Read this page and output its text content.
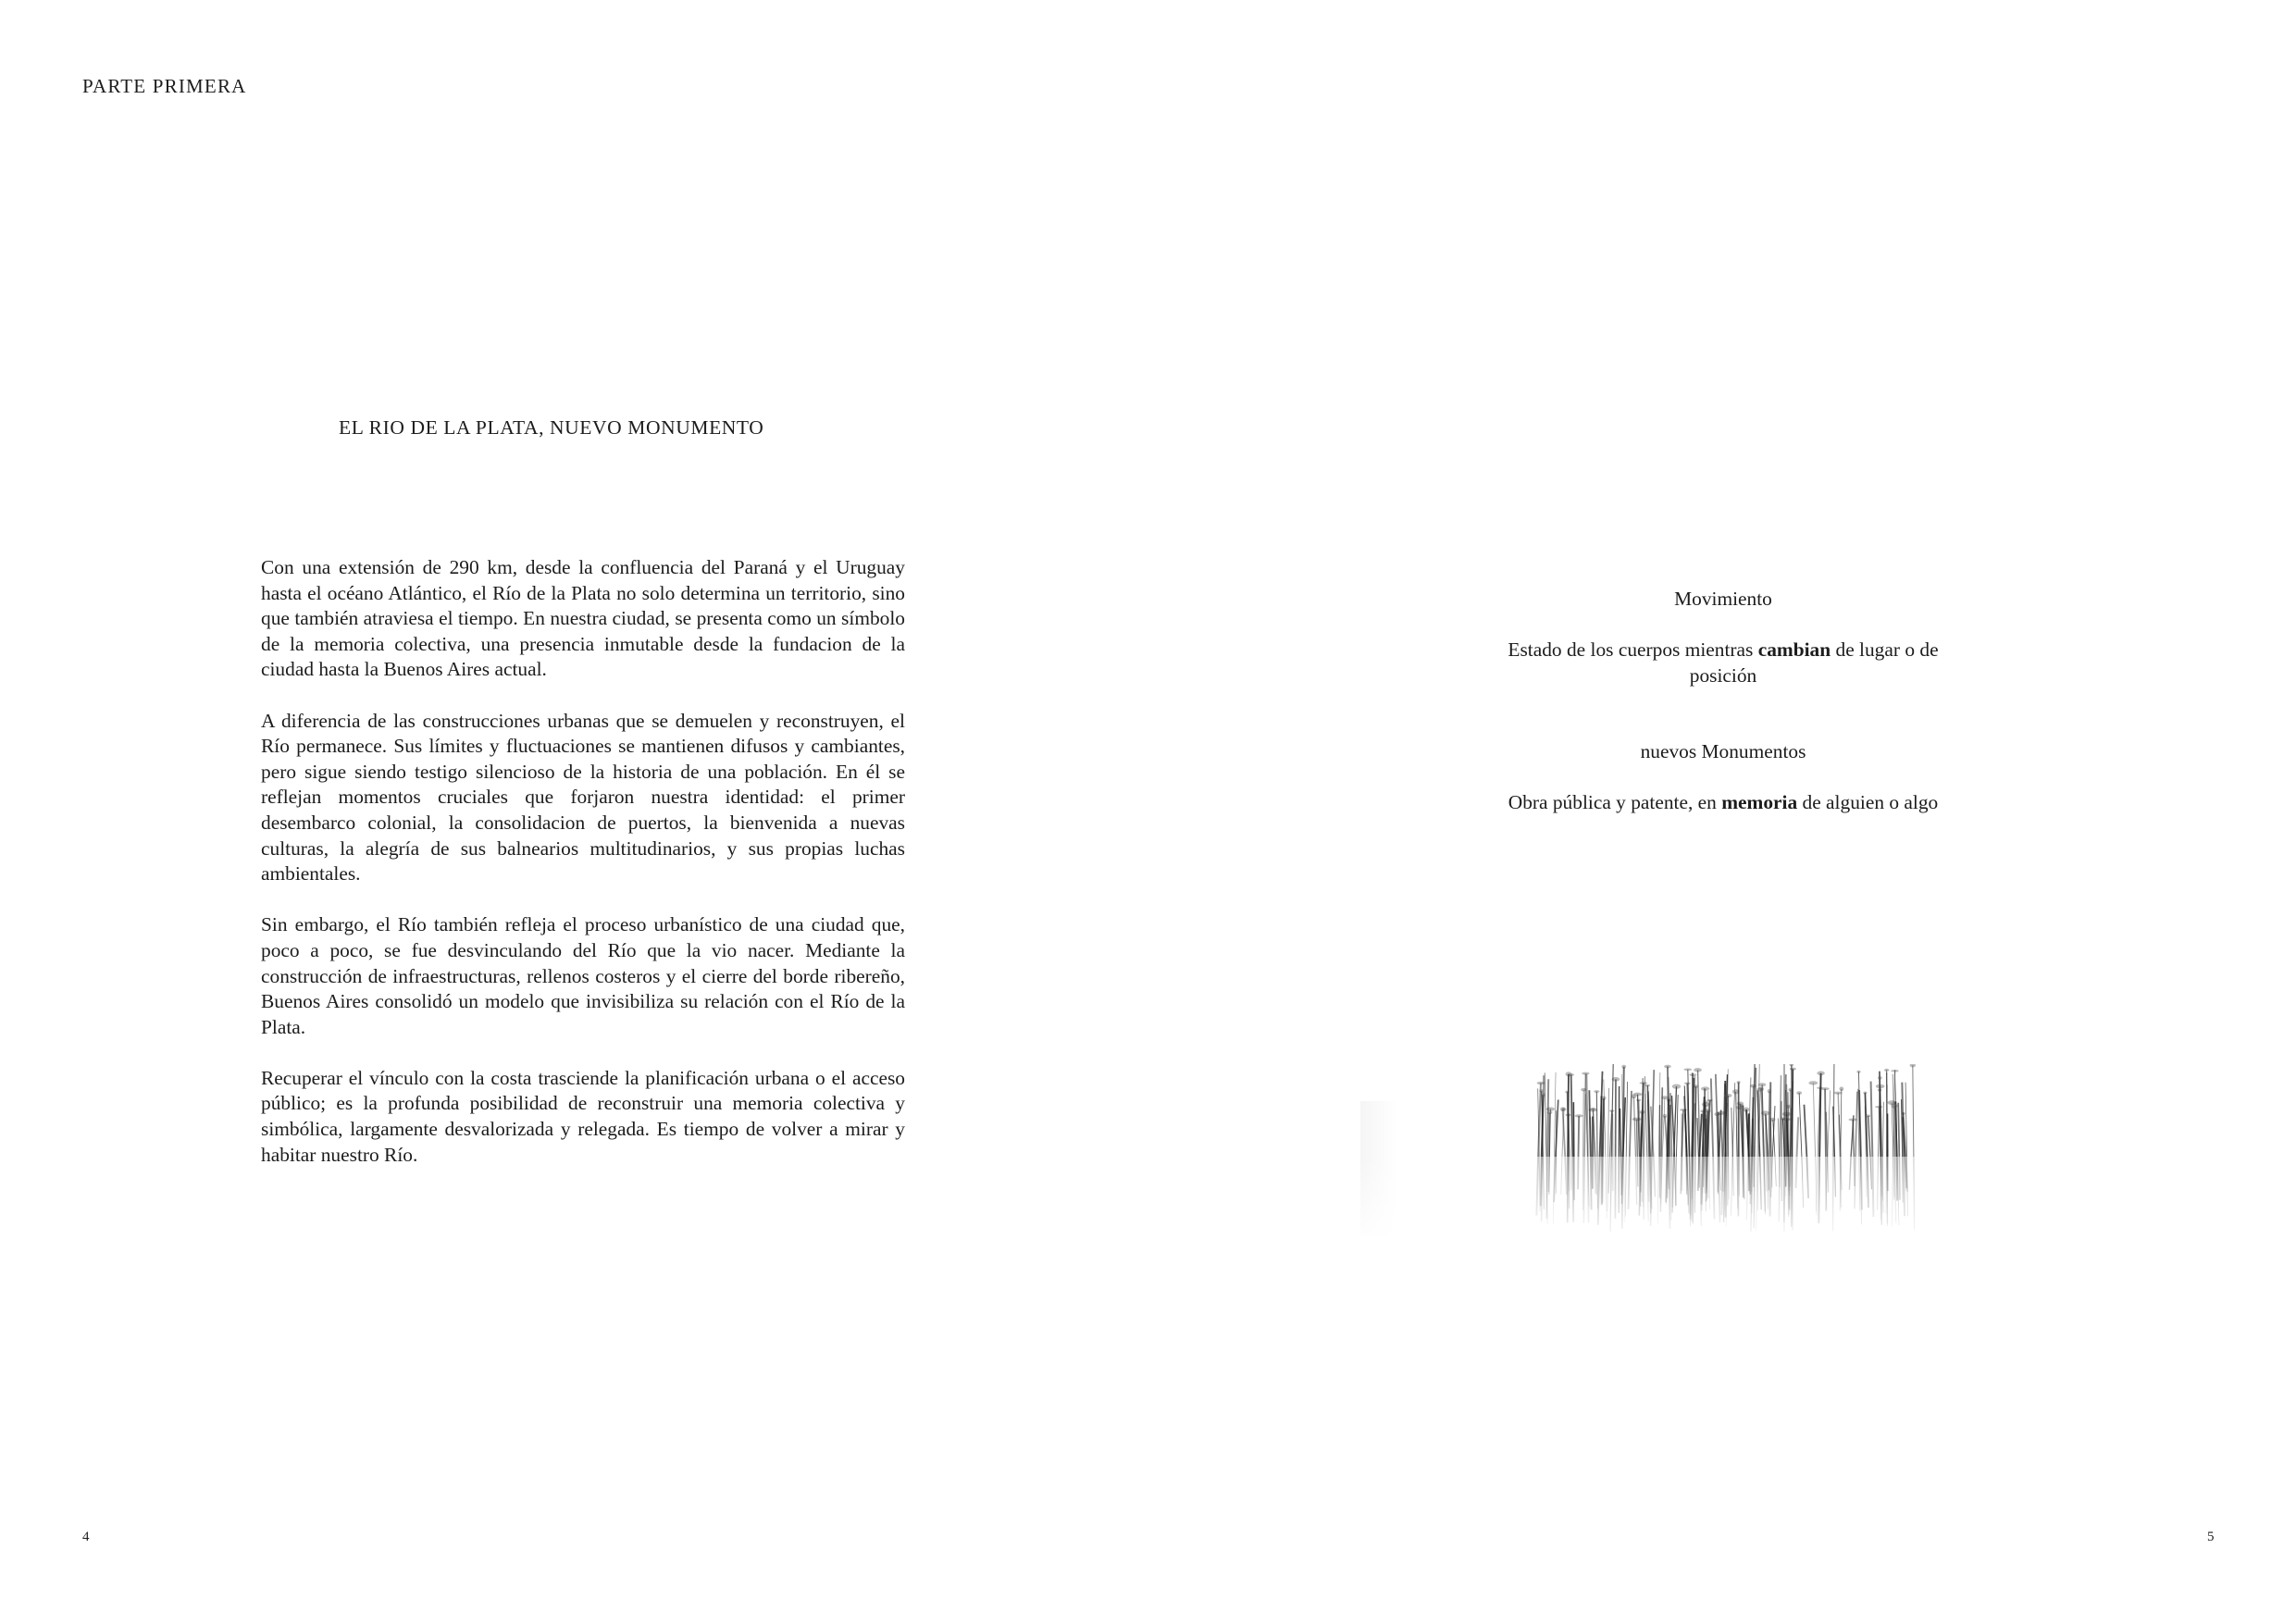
PARTE PRIMERA
EL RIO DE LA PLATA, NUEVO MONUMENTO

Con una extensión de 290 km, desde la confluencia del Paraná y el Uruguay hasta el océano Atlántico, el Río de la Plata no solo determina un territorio, sino que también atraviesa el tiempo. En nuestra ciudad, se presenta como un símbolo de la memoria colectiva, una presencia inmutable desde la fundacion de la ciudad hasta la Buenos Aires actual.

A diferencia de las construcciones urbanas que se demuelen y reconstruyen, el Río permanece. Sus límites y fluctuaciones se mantienen difusos y cambiantes, pero sigue siendo testigo silencioso de la historia de una población. En él se reflejan momentos cruciales que forjaron nuestra identidad: el primer desembarco colonial, la consolidacion de puertos, la bienvenida a nuevas culturas, la alegría de sus balnearios multitudinarios, y sus propias luchas ambientales.

Sin embargo, el Río también refleja el proceso urbanístico de una ciudad que, poco a poco, se fue desvinculando del Río que la vio nacer. Mediante la construcción de infraestructuras, rellenos costeros y el cierre del borde ribereño, Buenos Aires consolidó un modelo que invisibiliza su relación con el Río de la Plata.

Recuperar el vínculo con la costa trasciende la planificación urbana o el acceso público; es la profunda posibilidad de reconstruir una memoria colectiva y simbólica, largamente desvalorizada y relegada. Es tiempo de volver a mirar y habitar nuestro Río.

Movimiento

Estado de los cuerpos mientras cambian de lugar o de posición

nuevos Monumentos

Obra pública y patente, en memoria de alguien o algo

4	5
